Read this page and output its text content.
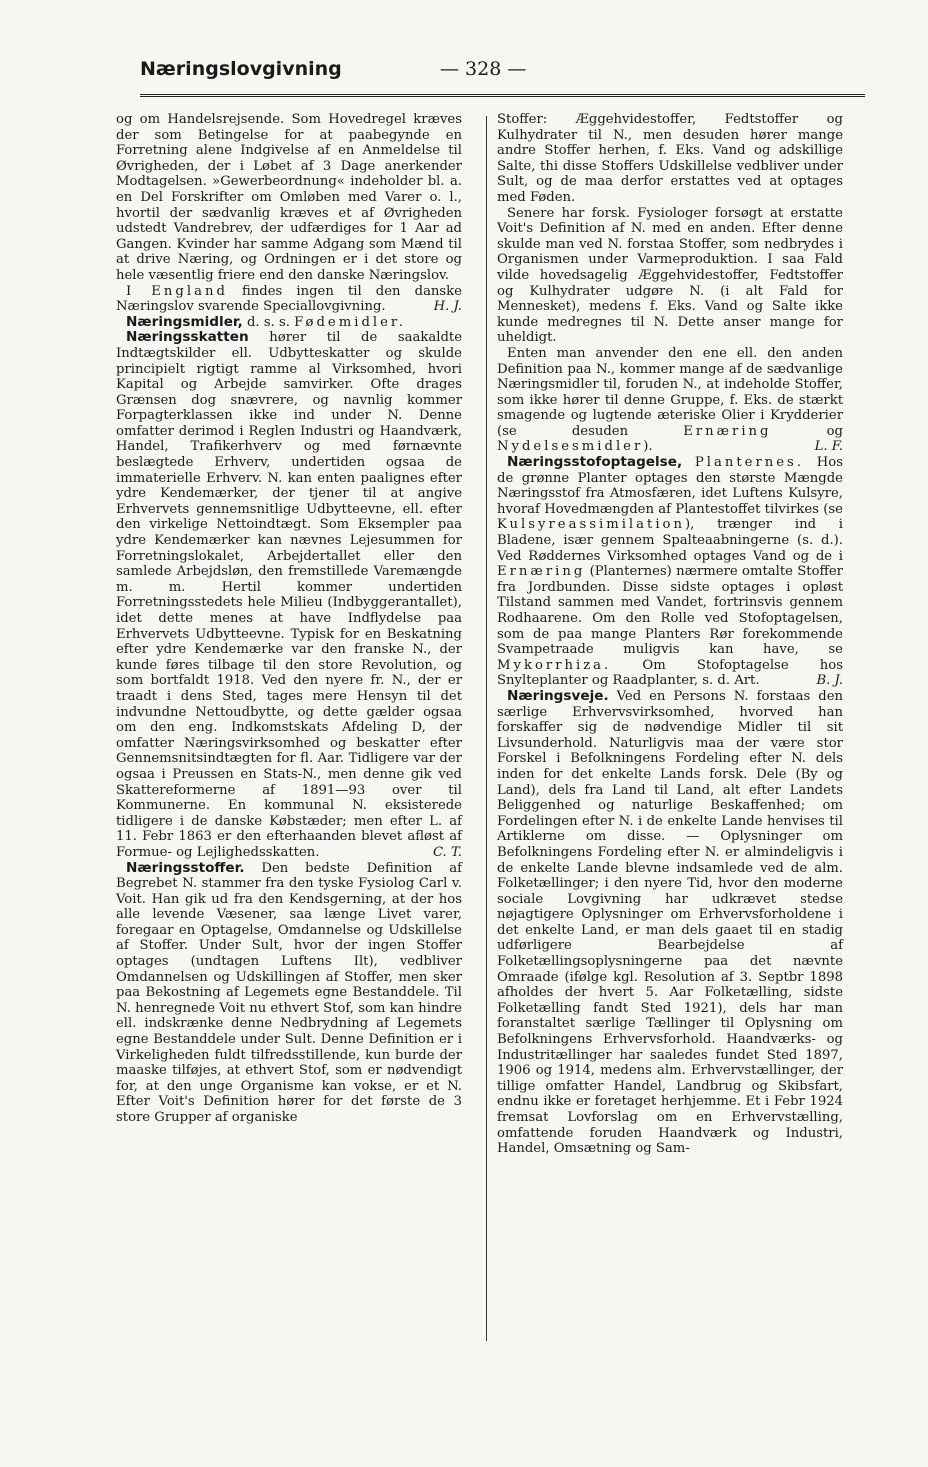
Næringslovgivning	— 328 —

og om Handelsrejsende. Som Hovedregel kræves der som Betingelse for at paabegynde en Forretning alene Indgivelse af en Anmeldelse til Øvrigheden, der i Løbet af 3 Dage anerkender Modtagelsen. »Gewerbeordnung« indeholder bl. a. en Del Forskrifter om Omløben med Varer o. l., hvortil der sædvanlig kræves et af Øvrigheden udstedt Vandrebrev, der udfærdiges for 1 Aar ad Gangen. Kvinder har samme Adgang som Mænd til at drive Næring, og Ordningen er i det store og hele væsentlig friere end den danske Næringslov.

I England findes ingen til den danske Næringslov svarende Speciallovgivning.	H. J.

Næringsmidler, d. s. s. Fødemidler.

Næringsskatten hører til de saakaldte Indtægtskilder ell. Udbytteskatter og skulde principielt rigtigt ramme al Virksomhed, hvori Kapital og Arbejde samvirker. Ofte drages Grænsen dog snævrere, og navnlig kommer Forpagterklassen ikke ind under N. Denne omfatter derimod i Reglen Industri og Haandværk, Handel, Trafikerhverv og med førnævnte beslægtede Erhverv, undertiden ogsaa de immaterielle Erhverv. N. kan enten paalignes efter ydre Kendemærker, der tjener til at angive Erhvervets gennemsnitlige Udbytteevne, ell. efter den virkelige Nettoindtægt. Som Eksempler paa ydre Kendemærker kan nævnes Lejesummen for Forretningslokalet, Arbejdertallet eller den samlede Arbejdsløn, den fremstillede Varemængde m. m. Hertil kommer undertiden Forretningsstedets hele Milieu (Indbyggerantallet), idet dette menes at have Indflydelse paa Erhvervets Udbytteevne. Typisk for en Beskatning efter ydre Kendemærke var den franske N., der kunde føres tilbage til den store Revolution, og som bortfaldt 1918. Ved den nyere fr. N., der er traadt i dens Sted, tages mere Hensyn til det indvundne Nettoudbytte, og dette gælder ogsaa om den eng. Indkomstskats Afdeling D, der omfatter Næringsvirksomhed og beskatter efter Gennemsnitsindtægten for fl. Aar. Tidligere var der ogsaa i Preussen en Stats-N., men denne gik ved Skattereformerne af 1891—93 over til Kommunerne. En kommunal N. eksisterede tidligere i de danske Købstæder; men efter L. af 11. Febr 1863 er den efterhaanden blevet afløst af Formue- og Lejlighedsskatten.	C. T.

Næringsstoffer. Den bedste Definition af Begrebet N. stammer fra den tyske Fysiolog Carl v. Voit. Han gik ud fra den Kendsgerning, at der hos alle levende Væsener, saa længe Livet varer, foregaar en Optagelse, Omdannelse og Udskillelse af Stoffer. Under Sult, hvor der ingen Stoffer optages (undtagen Luftens Ilt), vedbliver Omdannelsen og Udskillingen af Stoffer, men sker paa Bekostning af Legemets egne Bestanddele. Til N. henregnede Voit nu ethvert Stof, som kan hindre ell. indskrænke denne Nedbrydning af Legemets egne Bestanddele under Sult. Denne Definition er i Virkeligheden fuldt tilfredsstillende, kun burde der maaske tilføjes, at ethvert Stof, som er nødvendigt for, at den unge Organisme kan vokse, er et N. Efter Voit's Definition hører for det første de 3 store Grupper af organiske

Stoffer: Æggehvidestoffer, Fedtstoffer og Kulhydrater til N., men desuden hører mange andre Stoffer herhen, f. Eks. Vand og adskillige Salte, thi disse Stoffers Udskillelse vedbliver under Sult, og de maa derfor erstattes ved at optages med Føden.

Senere har forsk. Fysiologer forsøgt at erstatte Voit's Definition af N. med en anden. Efter denne skulde man ved N. forstaa Stoffer, som nedbrydes i Organismen under Varmeproduktion. I saa Fald vilde hovedsagelig Æggehvidestoffer, Fedtstoffer og Kulhydrater udgøre N. (i alt Fald for Mennesket), medens f. Eks. Vand og Salte ikke kunde medregnes til N. Dette anser mange for uheldigt.

Enten man anvender den ene ell. den anden Definition paa N., kommer mange af de sædvanlige Næringsmidler til, foruden N., at indeholde Stoffer, som ikke hører til denne Gruppe, f. Eks. de stærkt smagende og lugtende æteriske Olier i Krydderier (se desuden Ernæring og Nydelsesmidler).	L. F.

Næringsstofoptagelse, Planternes. Hos de grønne Planter optages den største Mængde Næringsstof fra Atmosfæren, idet Luftens Kulsyre, hvoraf Hovedmængden af Plantestoffet tilvirkes (se Kulsyreassimilation), trænger ind i Bladene, især gennem Spalteaabningerne (s. d.). Ved Røddernes Virksomhed optages Vand og de i Ernæring (Planternes) nærmere omtalte Stoffer fra Jordbunden. Disse sidste optages i opløst Tilstand sammen med Vandet, fortrinsvis gennem Rodhaarene. Om den Rolle ved Stofoptagelsen, som de paa mange Planters Rør forekommende Svampetraade muligvis kan have, se Mykorrhiza. Om Stofoptagelse hos Snylteplanter og Raadplanter, s. d. Art.	B. J.

Næringsveje. Ved en Persons N. forstaas den særlige Erhvervsvirksomhed, hvorved han forskaffer sig de nødvendige Midler til sit Livsunderhold. Naturligvis maa der være stor Forskel i Befolkningens Fordeling efter N. dels inden for det enkelte Lands forsk. Dele (By og Land), dels fra Land til Land, alt efter Landets Beliggenhed og naturlige Beskaffenhed; om Fordelingen efter N. i de enkelte Lande henvises til Artiklerne om disse. — Oplysninger om Befolkningens Fordeling efter N. er almindeligvis i de enkelte Lande blevne indsamlede ved de alm. Folketællinger; i den nyere Tid, hvor den moderne sociale Lovgivning har udkrævet stedse nøjagtigere Oplysninger om Erhvervsforholdene i det enkelte Land, er man dels gaaet til en stadig udførligere Bearbejdelse af Folketællingsoplysningerne paa det nævnte Omraade (ifølge kgl. Resolution af 3. Septbr 1898 afholdes der hvert 5. Aar Folketælling, sidste Folketælling fandt Sted 1921), dels har man foranstaltet særlige Tællinger til Oplysning om Befolkningens Erhvervsforhold. Haandværks- og Industritællinger har saaledes fundet Sted 1897, 1906 og 1914, medens alm. Erhvervstællinger, der tillige omfatter Handel, Landbrug og Skibsfart, endnu ikke er foretaget herhjemme. Et i Febr 1924 fremsat Lovforslag om en Erhvervstælling, omfattende foruden Haandværk og Industri, Handel, Omsætning og Sam-
